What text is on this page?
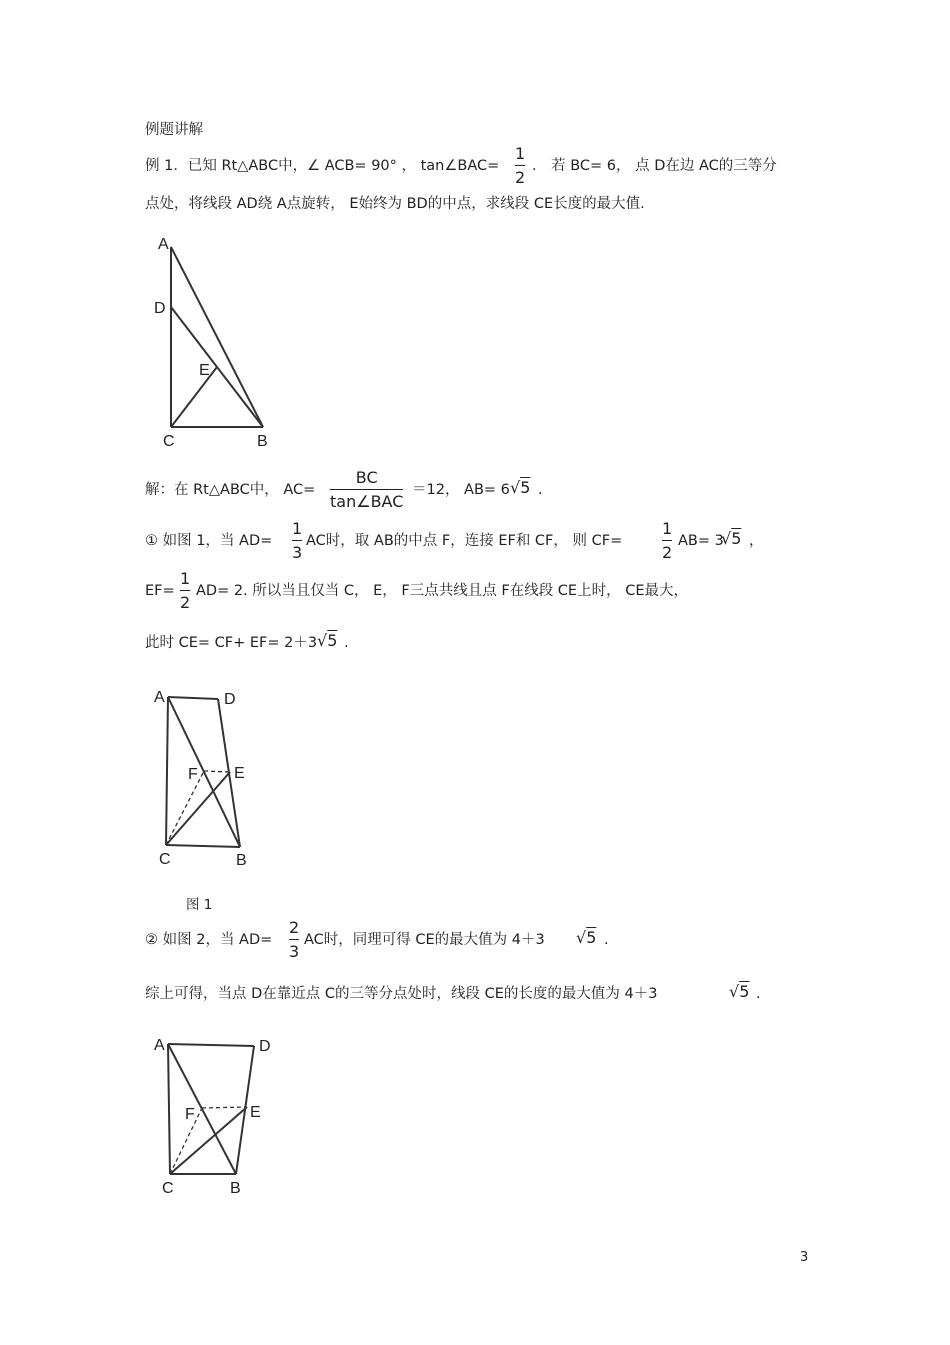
例题讲解
例 1．已知 Rt△ABC中，∠ ACB= 90° ， tan∠BAC=
1
2
． 若 BC= 6， 点 D在边 AC的三等分
点处，将线段 AD绕 A点旋转， E始终为 BD的中点，求线段 CE长度的最大值.
A
D
E
C	B
解：在 Rt△ABC中， AC=
BC
tan∠BAC
＝12， AB= 6 √5 .
① 如图 1，当 AD=
1
3
AC时，取 AB的中点 F，连接 EF和 CF， 则 CF=
1
2
AB= 3
√5 ，
EF=
1
2
AD= 2. 所以当且仅当 C， E， F三点共线且点 F在线段 CE上时， CE最大，
此时 CE= CF+ EF= 2＋3 √5 .
A	D
F E
C	B
图 1
② 如图 2，当 AD=
2
3
AC时，同理可得 CE的最大值为 4＋3 √5 .
综上可得，当点 D在靠近点 C的三等分点处时，线段 CE的长度的最大值为 4＋3	√5 .
A	D
F	E
C	B
3
